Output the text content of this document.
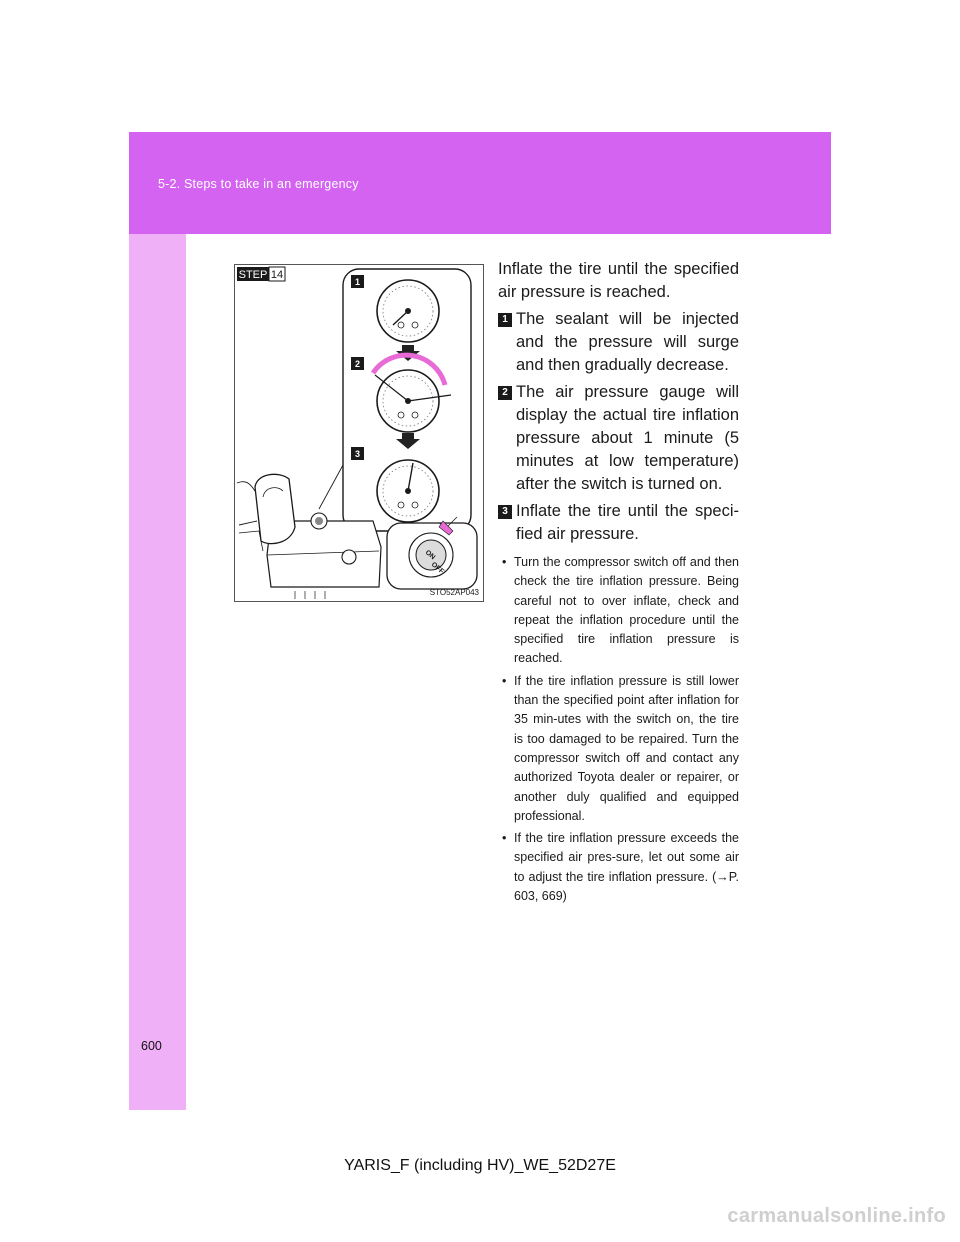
5-2. Steps to take in an emergency
STEP 14
1
2
3
ON
OFF
STO52AP043

Inflate the tire until the specified air pressure is reached.

1 The sealant will be injected and the pressure will surge and then gradually decrease.
2 The air pressure gauge will display the actual tire inflation pressure about 1 minute (5 minutes at low temperature) after the switch is turned on.
3 Inflate the tire until the speci-fied air pressure.

• Turn the compressor switch off and then check the tire inflation pressure. Being careful not to over inflate, check and repeat the inflation procedure until the specified tire inflation pressure is reached.

• If the tire inflation pressure is still lower than the specified point after inflation for 35 min-utes with the switch on, the tire is too damaged to be repaired. Turn the compressor switch off and contact any authorized Toyota dealer or repairer, or another duly qualified and equipped professional.

• If the tire inflation pressure exceeds the specified air pres-sure, let out some air to adjust the tire inflation pressure. (→P. 603, 669)

600
YARIS_F (including HV)_WE_52D27E
carmanualsonline.info
